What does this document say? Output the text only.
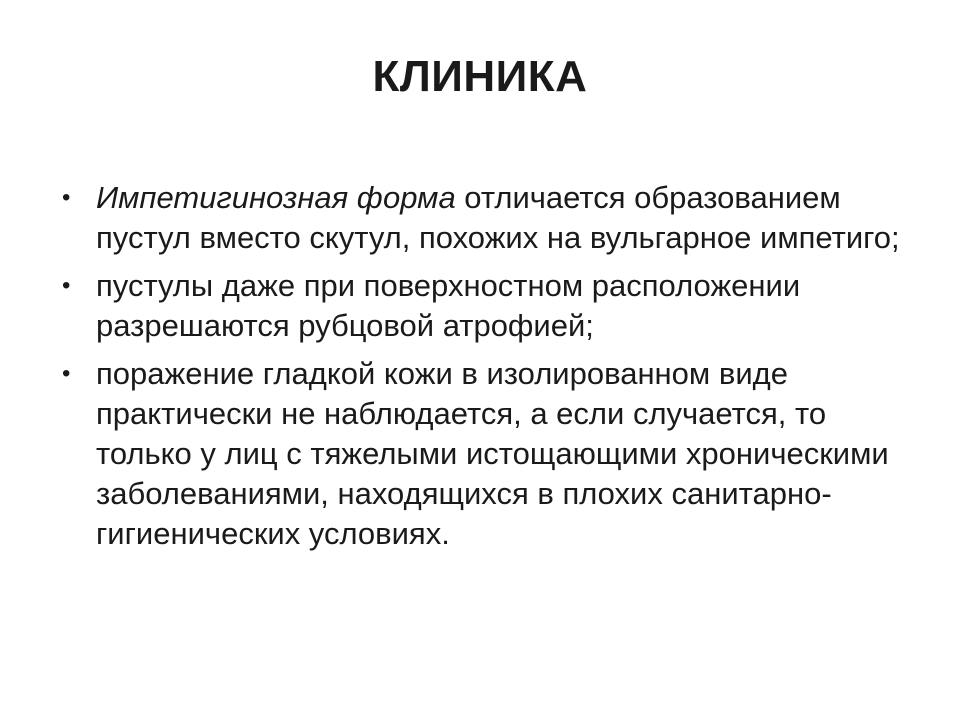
КЛИНИКА
• Импетигинозная форма отличается образованием пустул вместо скутул, похожих на вульгарное импетиго;
• пустулы даже при поверхностном расположении разрешаются рубцовой атрофией;
• поражение гладкой кожи в изолированном виде практически не наблюдается, а если случается, то только у лиц с тяжелыми истощающими хроническими заболеваниями, находящихся в плохих санитарно-гигиенических условиях.
